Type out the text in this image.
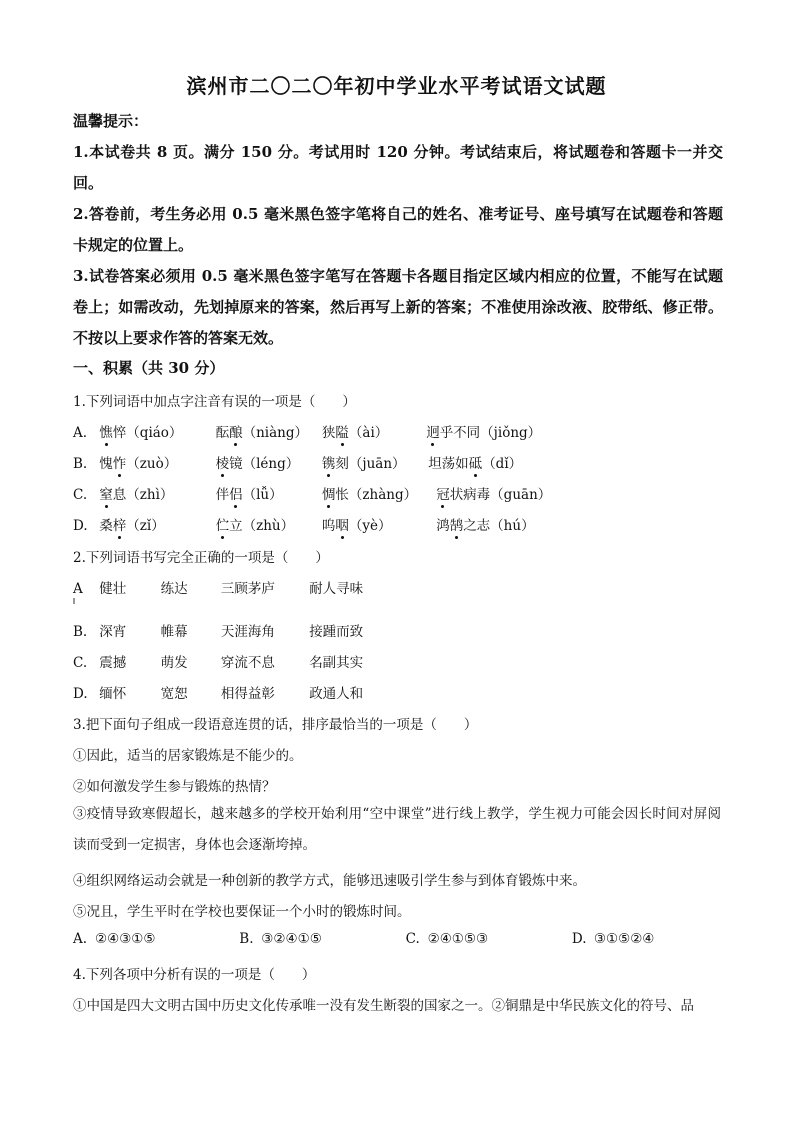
滨州市二〇二〇年初中学业水平考试语文试题
温馨提示：

1.本试卷共 8 页。满分 150 分。考试用时 120 分钟。考试结束后，将试题卷和答题卡一并交回。

2.答卷前，考生务必用 0.5 毫米黑色签字笔将自己的姓名、准考证号、座号填写在试题卷和答题卡规定的位置上。

3.试卷答案必须用 0.5 毫米黑色签字笔写在答题卡各题目指定区域内相应的位置，不能写在试题卷上；如需改动，先划掉原来的答案，然后再写上新的答案；不准使用涂改液、胶带纸、修正带。不按以上要求作答的答案无效。

一、积累（共 30 分）
1.下列词语中加点字注音有误的一项是（　　）
A. 憔悴（qiáo） 酝酿（niàng） 狭隘（ài）	迥乎不同（jiǒng）
B. 愧怍（zuò）	棱镜（léng） 镌刻（juān） 坦荡如砥（dǐ）
C. 窒息（zhì）	伴侣（lǚ）	惆怅（zhàng） 冠状病毒（guān）
D. 桑梓（zǐ）	伫立（zhù） 呜咽（yè）	鸿鹄之志（hú）
2.下列词语书写完全正确的一项是（　　）
A 健壮	练达 三顾茅庐	耐人寻味
B. 深宵	帷幕 天涯海角	接踵而致
C. 震撼	萌发 穿流不息	名副其实
D. 缅怀	宽恕 相得益彰	政通人和
3.把下面句子组成一段语意连贯的话，排序最恰当的一项是（　　）
①因此，适当的居家锻炼是不能少的。
②如何激发学生参与锻炼的热情？
③疫情导致寒假超长，越来越多的学校开始利用“空中课堂”进行线上教学，学生视力可能会因长时间对屏阅读而受到一定损害，身体也会逐渐垮掉。
④组织网络运动会就是一种创新的教学方式，能够迅速吸引学生参与到体育锻炼中来。
⑤况且，学生平时在学校也要保证一个小时的锻炼时间。
A. ②④③①⑤	B. ③②④①⑤	C. ②④①⑤③	D. ③①⑤②④
4.下列各项中分析有误的一项是（　　）
①中国是四大文明古国中历史文化传承唯一没有发生断裂的国家之一。②铜鼎是中华民族文化的符号、品
